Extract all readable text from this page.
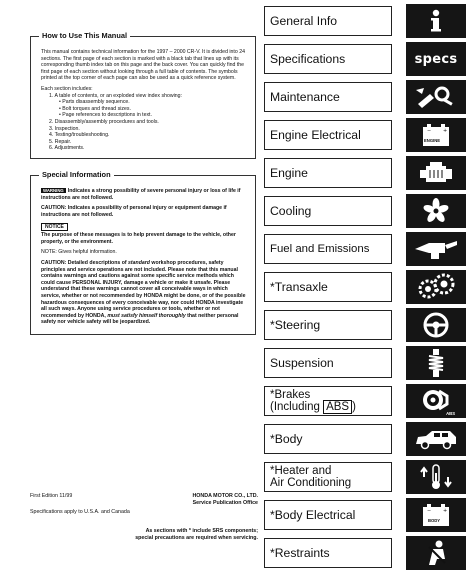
How to Use This Manual

This manual contains technical information for the 1997 – 2000 CR-V. It is divided into 24 sections. The first page of each section is marked with a black tab that lines up with its corresponding thumb index tab on this page and the back cover. You can quickly find the first page of each section without looking through a full table of contents. The symbols printed at the top corner of each page can also be used as a quick reference system.

Each section includes:

1. A table of contents, or an exploded view index showing:
• Parts disassembly sequence.
• Bolt torques and thread sizes.
• Page references to descriptions in text.
2. Disassembly/assembly procedures and tools.
3. Inspection.
4. Testing/troubleshooting.
5. Repair.
6. Adjustments.
Special Information

WARNING Indicates a strong possibility of severe personal injury or loss of life if instructions are not followed.

CAUTION: Indicates a possibility of personal injury or equipment damage if instructions are not followed.

NOTICE

The purpose of these messages is to help prevent damage to the vehicle, other property, or the environment.

NOTE: Gives helpful information.

CAUTION: Detailed descriptions of standard workshop procedures, safety principles and service operations are not included. Please note that this manual contains warnings and cautions against some specific service methods which could cause PERSONAL INJURY, damage a vehicle or make it unsafe. Please understand that these warnings cannot cover all conceivable ways in which service, whether or not recommended by HONDA might be done, or of the possible hazardous consequences of every conceivable way, nor could HONDA investigate all such ways. Anyone using service procedures or tools, whether or not recommended by HONDA, must satisfy himself thoroughly that neither personal safety nor vehicle safety will be jeopardized.

First Edition 11/99	HONDA MOTOR CO., LTD.
Service Publication Office
Specifications apply to U.S.A. and Canada
As sections with * include SRS components;
special precautions are required when servicing.
General Info
Specifications	specs
Maintenance
Engine Electrical	+
−
ENGINE
Engine
Cooling
Fuel and Emissions
*Transaxle
*Steering
Suspension
*Brakes
(Including ABS )
ABS
*Body
*Heater and
Air Conditioning
*Body Electrical	+
−
BODY
*Restraints
